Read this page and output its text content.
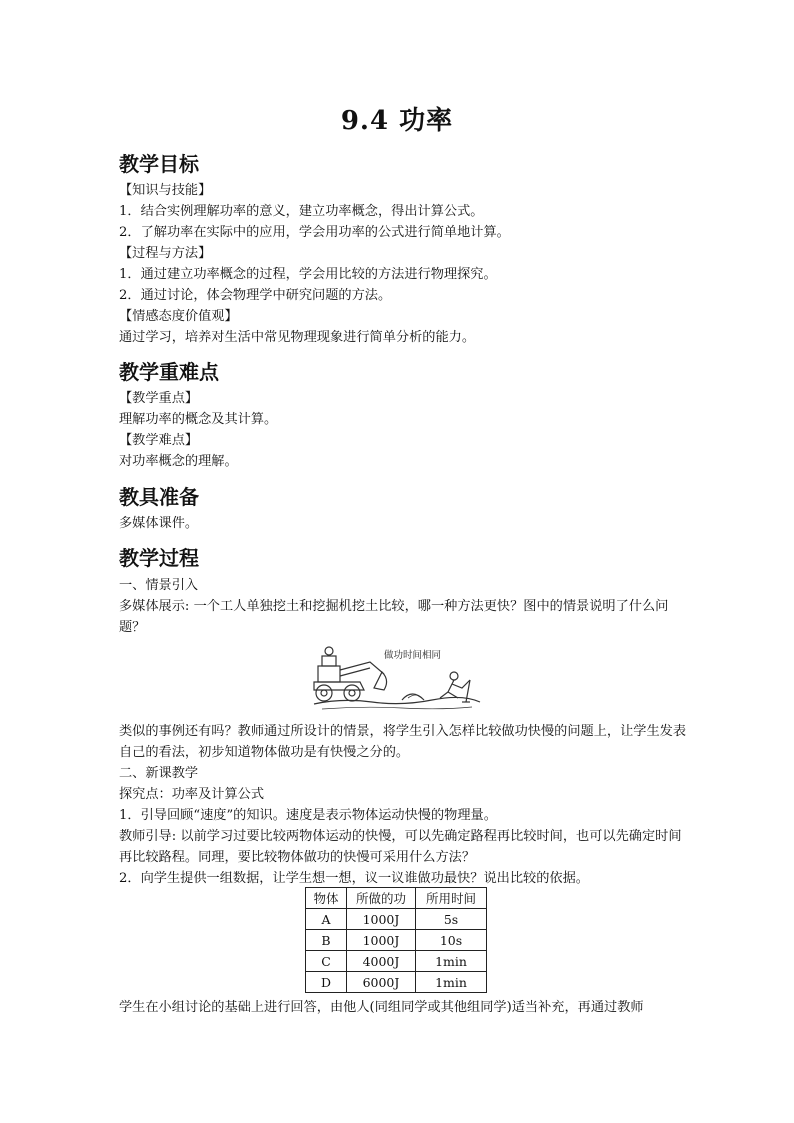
9.4 功率
教学目标
【知识与技能】
1．结合实例理解功率的意义，建立功率概念，得出计算公式。
2．了解功率在实际中的应用，学会用功率的公式进行简单地计算。
【过程与方法】
1．通过建立功率概念的过程，学会用比较的方法进行物理探究。
2．通过讨论，体会物理学中研究问题的方法。
【情感态度价值观】
通过学习，培养对生活中常见物理现象进行简单分析的能力。
教学重难点
【教学重点】
理解功率的概念及其计算。
【教学难点】
对功率概念的理解。
教具准备
多媒体课件。
教学过程
一、情景引入
多媒体展示: 一个工人单独挖土和挖掘机挖土比较，哪一种方法更快？图中的情景说明了什么问题？
做功时间相同
类似的事例还有吗？教师通过所设计的情景，将学生引入怎样比较做功快慢的问题上，让学生发表自己的看法，初步知道物体做功是有快慢之分的。
二、新课教学
探究点：功率及计算公式
1．引导回顾“速度”的知识。速度是表示物体运动快慢的物理量。
教师引导: 以前学习过要比较两物体运动的快慢，可以先确定路程再比较时间，也可以先确定时间再比较路程。同理，要比较物体做功的快慢可采用什么方法？
2．向学生提供一组数据，让学生想一想，议一议谁做功最快？说出比较的依据。
物体	所做的功	所用时间
A	1000J	5s
B	1000J	10s
C	4000J	1min
D	6000J	1min
学生在小组讨论的基础上进行回答，由他人(同组同学或其他组同学)适当补充，再通过教师
